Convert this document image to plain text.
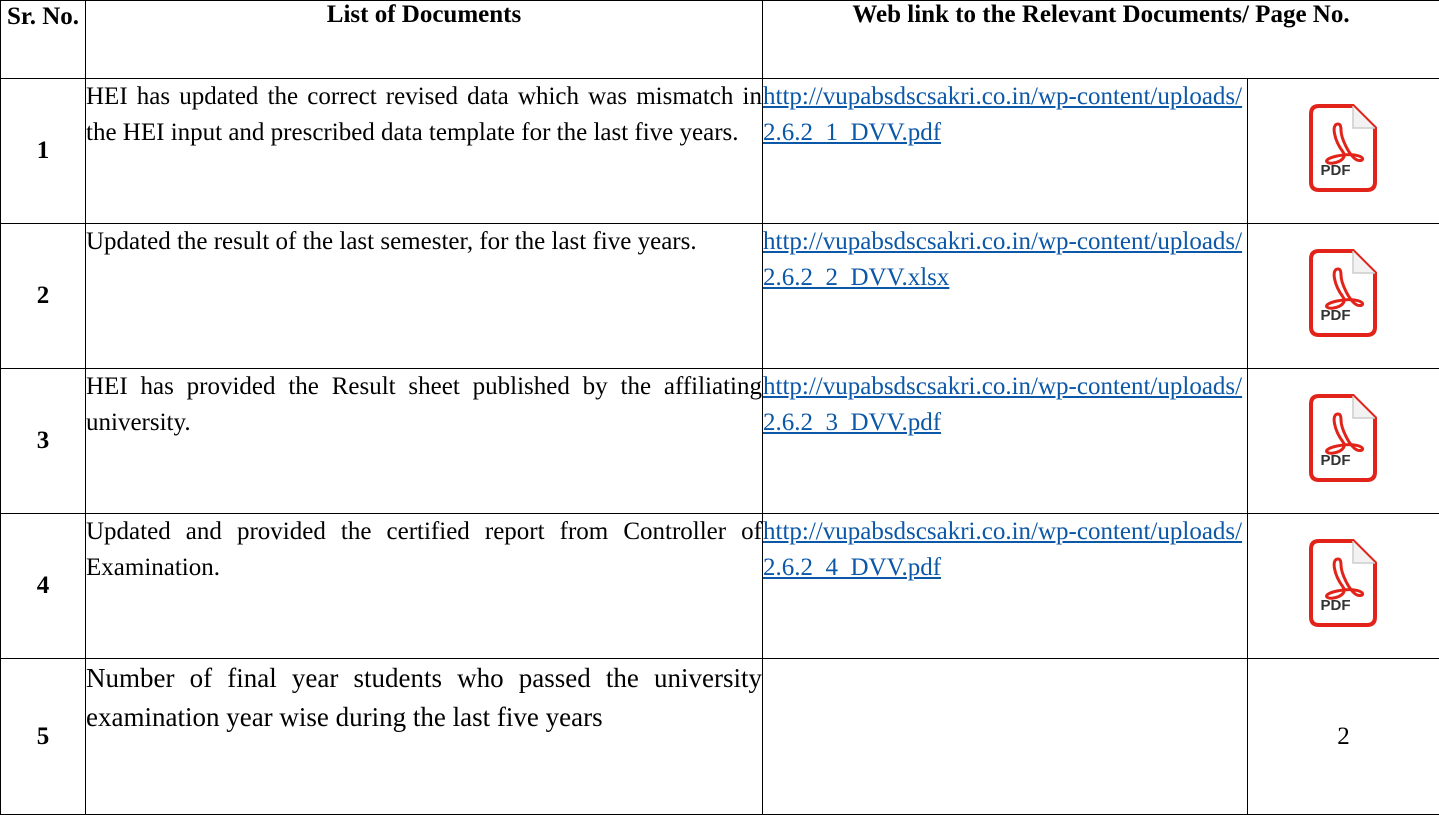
Sr. No.	List of Documents	Web link to the Relevant Documents/ Page No.	
1	HEI has updated the correct revised data which was mismatch in the HEI input and prescribed data template for the last five years.	http://vupabsdscsakri.co.in/wp-content/uploads/2.6.2_1_DVV.pdf	PDF

2	Updated the result of the last semester, for the last five years.	http://vupabsdscsakri.co.in/wp-content/uploads/2.6.2_2_DVV.xlsx	PDF

3	HEI has provided the Result sheet published by the affiliating university.	http://vupabsdscsakri.co.in/wp-content/uploads/2.6.2_3_DVV.pdf	PDF

4	Updated and provided the certified report from Controller of Examination.	http://vupabsdscsakri.co.in/wp-content/uploads/2.6.2_4_DVV.pdf	PDF

5	Number of final year students who passed the university examination year wise during the last five years		2
